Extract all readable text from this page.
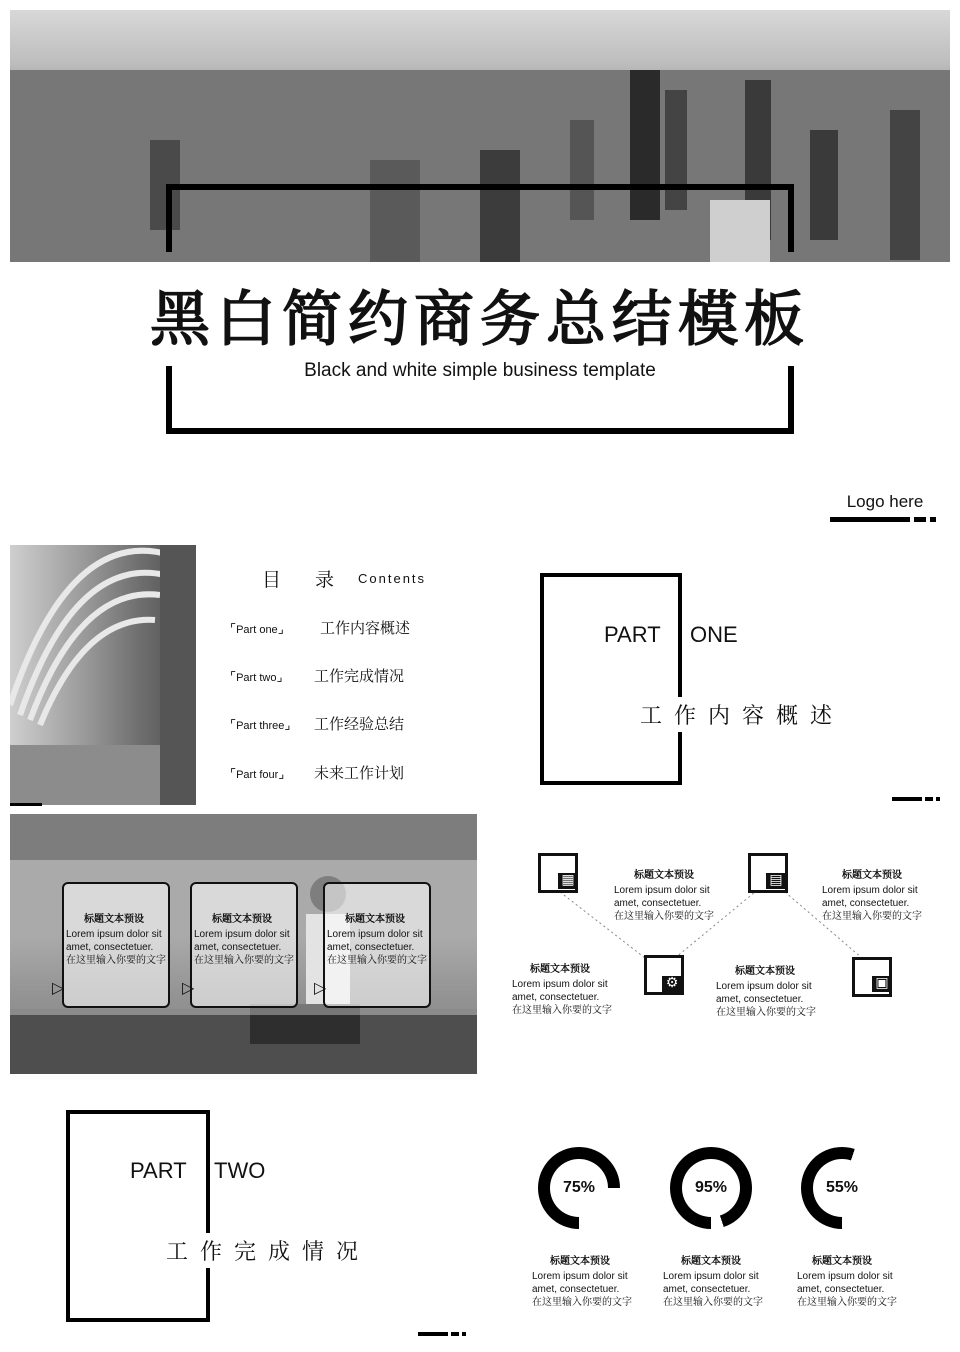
黑白简约商务总结模板
Black and white simple business template
Logo here
目 录 Contents
⌜ Part one ⌟	工作内容概述
⌜ Part two ⌟	工作完成情况
⌜ Part three ⌟	工作经验总结
⌜ Part four ⌟	未来工作计划
PART ONE
工作内容概述
标题文本预设
Lorem ipsum dolor sit
amet, consectetuer.
在这里输入你要的文字
▷
标题文本预设
Lorem ipsum dolor sit
amet, consectetuer.
在这里输入你要的文字
▷
标题文本预设
Lorem ipsum dolor sit
amet, consectetuer.
在这里输入你要的文字
▷
▦	标题文本预设
Lorem ipsum dolor sit
amet, consectetuer.
在这里输入你要的文字
⚙
标题文本预设
Lorem ipsum dolor sit
amet, consectetuer.
在这里输入你要的文字
▤	标题文本预设
Lorem ipsum dolor sit
amet, consectetuer.
在这里输入你要的文字
▣
标题文本预设
Lorem ipsum dolor sit
amet, consectetuer.
在这里输入你要的文字
PART TWO
工作完成情况
75%
标题文本预设
Lorem ipsum dolor sit
amet, consectetuer.
在这里输入你要的文字
95%
标题文本预设
Lorem ipsum dolor sit
amet, consectetuer.
在这里输入你要的文字
55%
标题文本预设
Lorem ipsum dolor sit
amet, consectetuer.
在这里输入你要的文字
